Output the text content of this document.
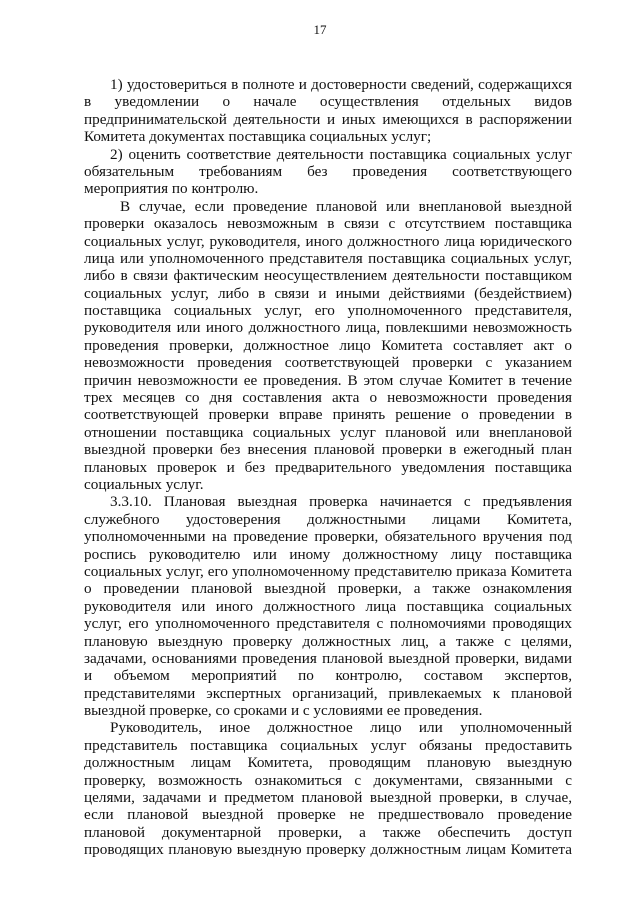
17
1) удостовериться в полноте и достоверности сведений, содержащихся
в уведомлении о начале осуществления отдельных видов
предпринимательской деятельности и иных имеющихся в распоряжении
Комитета документах поставщика социальных услуг;
2) оценить соответствие деятельности поставщика социальных услуг
обязательным требованиям без проведения соответствующего
мероприятия по контролю.
В случае, если проведение плановой или внеплановой выездной
проверки оказалось невозможным в связи с отсутствием поставщика
социальных услуг, руководителя, иного должностного лица юридического
лица или уполномоченного представителя поставщика социальных услуг,
либо в связи фактическим неосуществлением деятельности поставщиком
социальных услуг, либо в связи и иными действиями (бездействием)
поставщика социальных услуг, его уполномоченного представителя,
руководителя или иного должностного лица, повлекшими невозможность
проведения проверки, должностное лицо Комитета составляет акт о
невозможности проведения соответствующей проверки с указанием
причин невозможности ее проведения. В этом случае Комитет в течение
трех месяцев со дня составления акта о невозможности проведения
соответствующей проверки вправе принять решение о проведении в
отношении поставщика социальных услуг плановой или внеплановой
выездной проверки без внесения плановой проверки в ежегодный план
плановых проверок и без предварительного уведомления поставщика
социальных услуг.
3.3.10. Плановая выездная проверка начинается с предъявления
служебного удостоверения должностными лицами Комитета,
уполномоченными на проведение проверки, обязательного вручения под
роспись руководителю или иному должностному лицу поставщика
социальных услуг, его уполномоченному представителю приказа Комитета
о проведении плановой выездной проверки, а также ознакомления
руководителя или иного должностного лица поставщика социальных
услуг, его уполномоченного представителя с полномочиями проводящих
плановую выездную проверку должностных лиц, а также с целями,
задачами, основаниями проведения плановой выездной проверки, видами
и объемом мероприятий по контролю, составом экспертов,
представителями экспертных организаций, привлекаемых к плановой
выездной проверке, со сроками и с условиями ее проведения.
Руководитель, иное должностное лицо или уполномоченный
представитель поставщика социальных услуг обязаны предоставить
должностным лицам Комитета, проводящим плановую выездную
проверку, возможность ознакомиться с документами, связанными с
целями, задачами и предметом плановой выездной проверки, в случае,
если плановой выездной проверке не предшествовало проведение
плановой документарной проверки, а также обеспечить доступ
проводящих плановую выездную проверку должностным лицам Комитета
